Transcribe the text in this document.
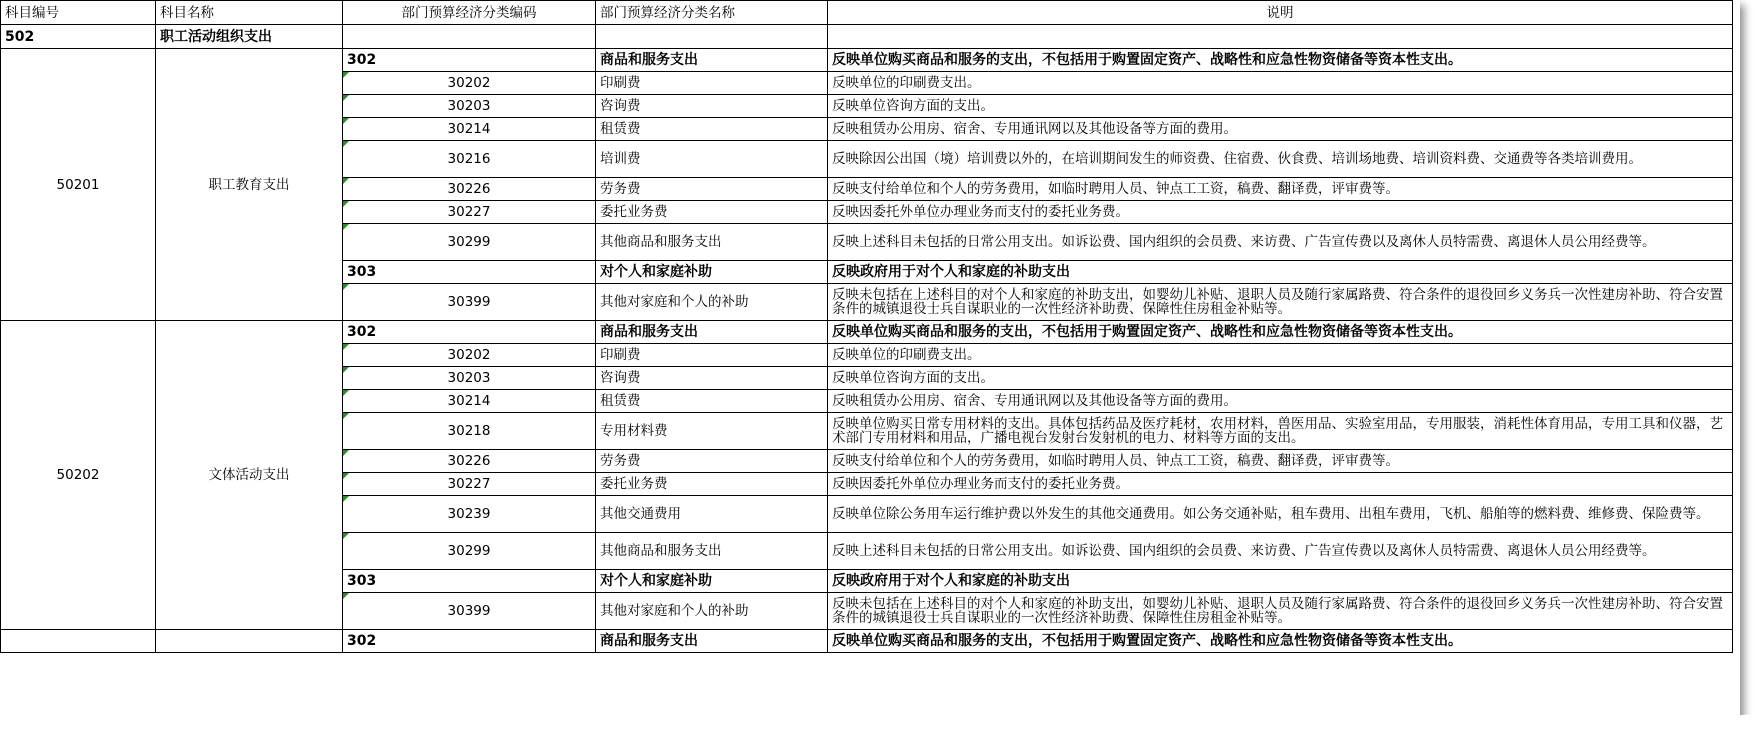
科目编号	科目名称	部门预算经济分类编码	部门预算经济分类名称	说明
502	职工活动组织支出			
50201	职工教育支出	302	商品和服务支出	反映单位购买商品和服务的支出，不包括用于购置固定资产、战略性和应急性物资储备等资本性支出。
		30202	印刷费	反映单位的印刷费支出。
		30203	咨询费	反映单位咨询方面的支出。
		30214	租赁费	反映租赁办公用房、宿舍、专用通讯网以及其他设备等方面的费用。
		30216	培训费	反映除因公出国（境）培训费以外的，在培训期间发生的师资费、住宿费、伙食费、培训场地费、培训资料费、交通费等各类培训费用。
		30226	劳务费	反映支付给单位和个人的劳务费用，如临时聘用人员、钟点工工资，稿费、翻译费，评审费等。
		30227	委托业务费	反映因委托外单位办理业务而支付的委托业务费。
		30299	其他商品和服务支出	反映上述科目未包括的日常公用支出。如诉讼费、国内组织的会员费、来访费、广告宣传费以及离休人员特需费、离退休人员公用经费等。
		303	对个人和家庭补助	反映政府用于对个人和家庭的补助支出
		30399	其他对家庭和个人的补助	反映未包括在上述科目的对个人和家庭的补助支出，如婴幼儿补贴、退职人员及随行家属路费、符合条件的退役回乡义务兵一次性建房补助、符合安置条件的城镇退役士兵自谋职业的一次性经济补助费、保障性住房租金补贴等。
50202	文体活动支出	302	商品和服务支出	反映单位购买商品和服务的支出，不包括用于购置固定资产、战略性和应急性物资储备等资本性支出。
		30202	印刷费	反映单位的印刷费支出。
		30203	咨询费	反映单位咨询方面的支出。
		30214	租赁费	反映租赁办公用房、宿舍、专用通讯网以及其他设备等方面的费用。
		30218	专用材料费	反映单位购买日常专用材料的支出。具体包括药品及医疗耗材，农用材料，兽医用品、实验室用品，专用服装，消耗性体育用品，专用工具和仪器，艺术部门专用材料和用品，广播电视台发射台发射机的电力、材料等方面的支出。
		30226	劳务费	反映支付给单位和个人的劳务费用，如临时聘用人员、钟点工工资，稿费、翻译费，评审费等。
		30227	委托业务费	反映因委托外单位办理业务而支付的委托业务费。
		30239	其他交通费用	反映单位除公务用车运行维护费以外发生的其他交通费用。如公务交通补贴，租车费用、出租车费用，飞机、船舶等的燃料费、维修费、保险费等。
		30299	其他商品和服务支出	反映上述科目未包括的日常公用支出。如诉讼费、国内组织的会员费、来访费、广告宣传费以及离休人员特需费、离退休人员公用经费等。
		303	对个人和家庭补助	反映政府用于对个人和家庭的补助支出
		30399	其他对家庭和个人的补助	反映未包括在上述科目的对个人和家庭的补助支出，如婴幼儿补贴、退职人员及随行家属路费、符合条件的退役回乡义务兵一次性建房补助、符合安置条件的城镇退役士兵自谋职业的一次性经济补助费、保障性住房租金补贴等。
		302	商品和服务支出	反映单位购买商品和服务的支出，不包括用于购置固定资产、战略性和应急性物资储备等资本性支出。
